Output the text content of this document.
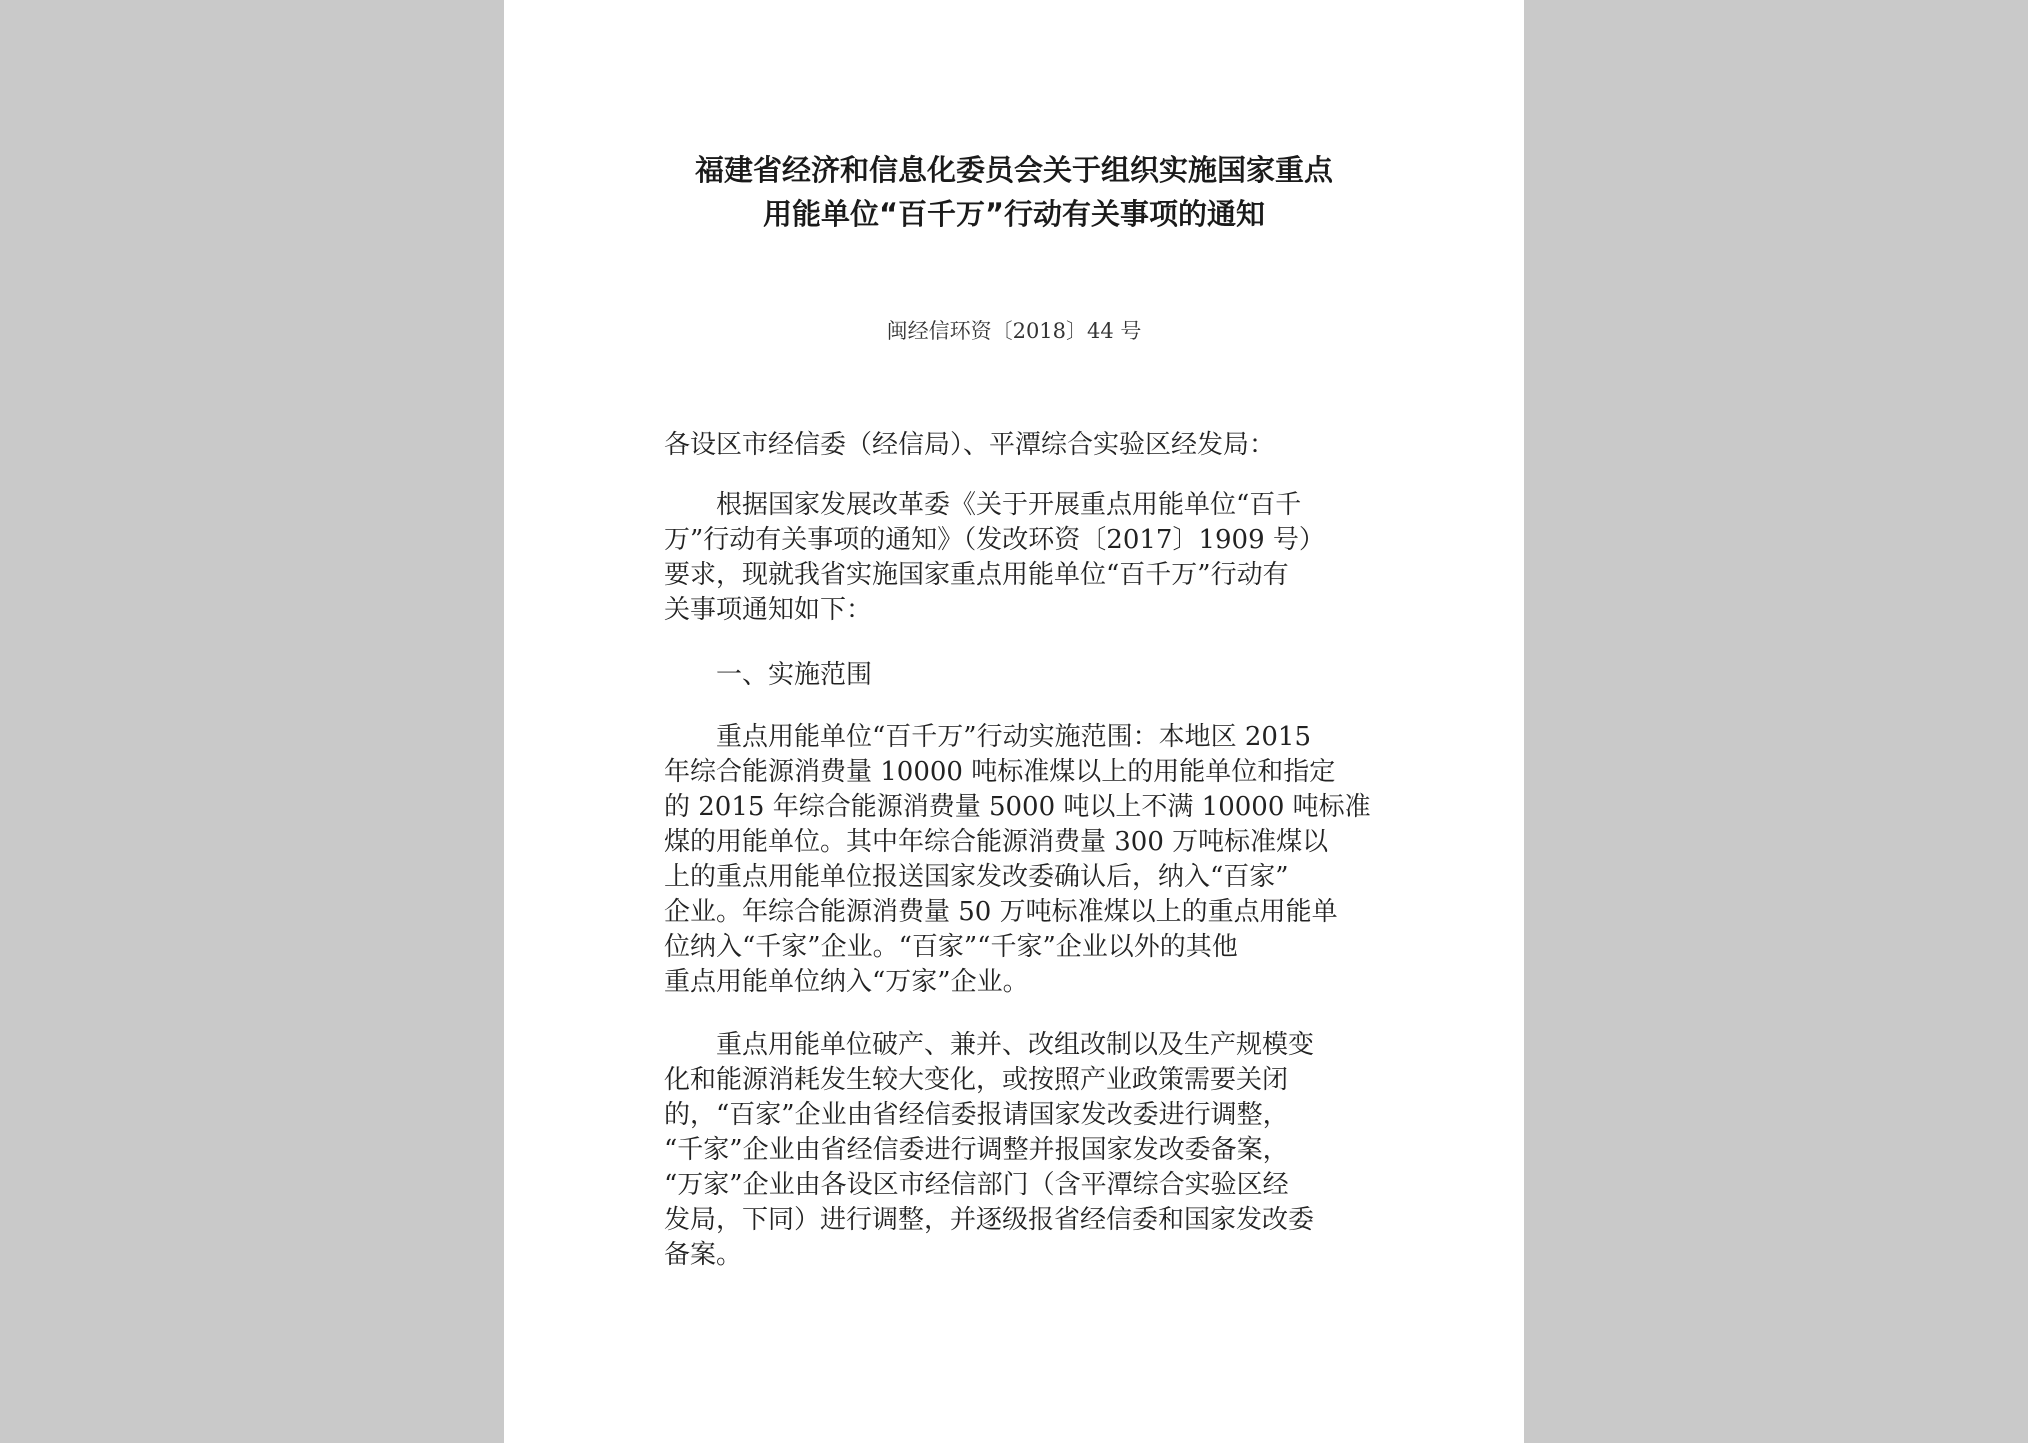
福建省经济和信息化委员会关于组织实施国家重点
用能单位“百千万”行动有关事项的通知
闽经信环资〔2018〕44 号
各设区市经信委（经信局）、平潭综合实验区经发局：
根据国家发展改革委《关于开展重点用能单位“百千
万”行动有关事项的通知》（发改环资〔2017〕1909 号）
要求，现就我省实施国家重点用能单位“百千万”行动有
关事项通知如下：
一、实施范围
重点用能单位“百千万”行动实施范围：本地区 2015
年综合能源消费量 10000 吨标准煤以上的用能单位和指定
的 2015 年综合能源消费量 5000 吨以上不满 10000 吨标准
煤的用能单位。其中年综合能源消费量 300 万吨标准煤以
上的重点用能单位报送国家发改委确认后，纳入“百家”
企业。年综合能源消费量 50 万吨标准煤以上的重点用能单
位纳入“千家”企业。“百家”“千家”企业以外的其他
重点用能单位纳入“万家”企业。
重点用能单位破产、兼并、改组改制以及生产规模变
化和能源消耗发生较大变化，或按照产业政策需要关闭
的，“百家”企业由省经信委报请国家发改委进行调整，
“千家”企业由省经信委进行调整并报国家发改委备案，
“万家”企业由各设区市经信部门（含平潭综合实验区经
发局，下同）进行调整，并逐级报省经信委和国家发改委
备案。
